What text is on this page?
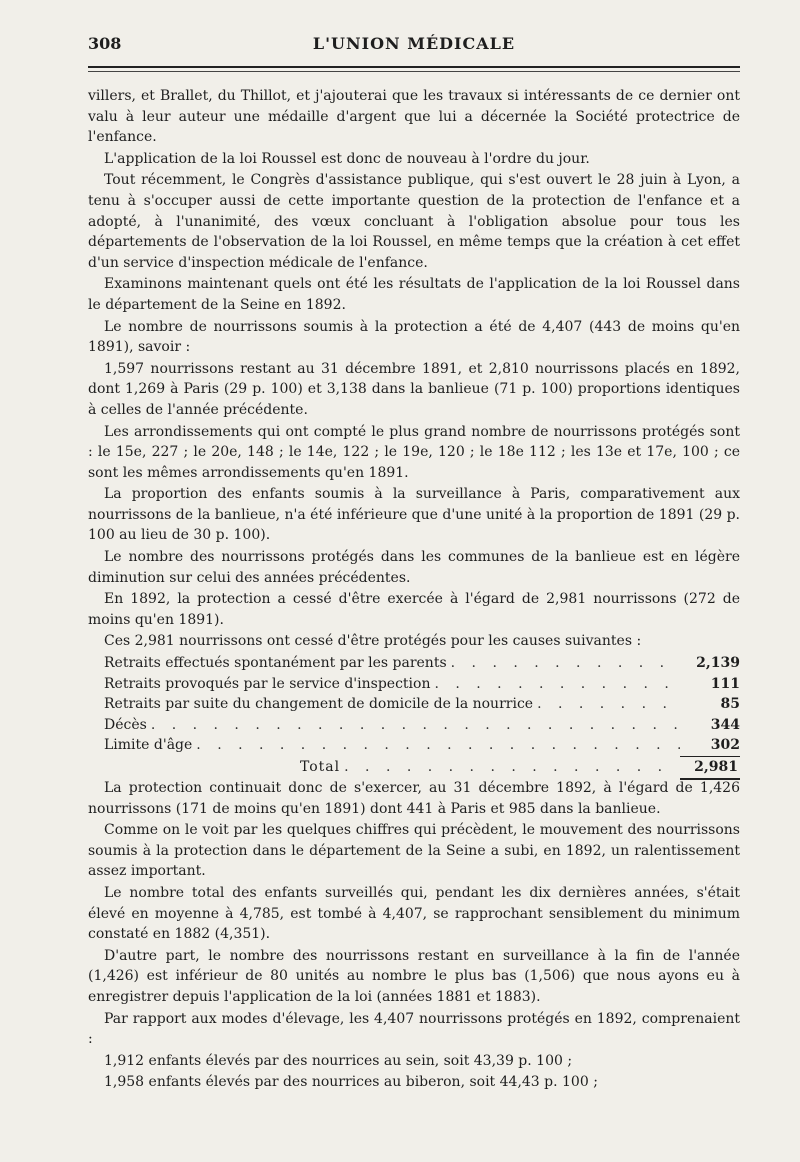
308	L'UNION MÉDICALE

villers, et Brallet, du Thillot, et j'ajouterai que les travaux si intéressants de ce dernier ont valu à leur auteur une médaille d'argent que lui a décernée la Société protectrice de l'enfance.

L'application de la loi Roussel est donc de nouveau à l'ordre du jour.

Tout récemment, le Congrès d'assistance publique, qui s'est ouvert le 28 juin à Lyon, a tenu à s'occuper aussi de cette importante question de la protection de l'enfance et a adopté, à l'unanimité, des vœux concluant à l'obligation absolue pour tous les départements de l'observation de la loi Roussel, en même temps que la création à cet effet d'un service d'inspection médicale de l'enfance.

Examinons maintenant quels ont été les résultats de l'application de la loi Roussel dans le département de la Seine en 1892.

Le nombre de nourrissons soumis à la protection a été de 4,407 (443 de moins qu'en 1891), savoir :

1,597 nourrissons restant au 31 décembre 1891, et 2,810 nourrissons placés en 1892, dont 1,269 à Paris (29 p. 100) et 3,138 dans la banlieue (71 p. 100) proportions identiques à celles de l'année précédente.

Les arrondissements qui ont compté le plus grand nombre de nourrissons protégés sont : le 15e, 227 ; le 20e, 148 ; le 14e, 122 ; le 19e, 120 ; le 18e 112 ; les 13e et 17e, 100 ; ce sont les mêmes arrondissements qu'en 1891.

La proportion des enfants soumis à la surveillance à Paris, comparativement aux nourrissons de la banlieue, n'a été inférieure que d'une unité à la proportion de 1891 (29 p. 100 au lieu de 30 p. 100).

Le nombre des nourrissons protégés dans les communes de la banlieue est en légère diminution sur celui des années précédentes.

En 1892, la protection a cessé d'être exercée à l'égard de 2,981 nourrissons (272 de moins qu'en 1891).

Ces 2,981 nourrissons ont cessé d'être protégés pour les causes suivantes :

Retraits effectués spontanément par les parents . . .	2,139
Retraits provoqués par le service d'inspection . . .	111
Retraits par suite du changement de domicile de la nourrice . . .	85
Décès . . .	344
Limite d'âge . . .	302
Total . . .	2,981

La protection continuait donc de s'exercer, au 31 décembre 1892, à l'égard de 1,426 nourrissons (171 de moins qu'en 1891) dont 441 à Paris et 985 dans la banlieue.

Comme on le voit par les quelques chiffres qui précèdent, le mouvement des nourrissons soumis à la protection dans le département de la Seine a subi, en 1892, un ralentissement assez important.

Le nombre total des enfants surveillés qui, pendant les dix dernières années, s'était élevé en moyenne à 4,785, est tombé à 4,407, se rapprochant sensiblement du minimum constaté en 1882 (4,351).

D'autre part, le nombre des nourrissons restant en surveillance à la fin de l'année (1,426) est inférieur de 80 unités au nombre le plus bas (1,506) que nous ayons eu à enregistrer depuis l'application de la loi (années 1881 et 1883).

Par rapport aux modes d'élevage, les 4,407 nourrissons protégés en 1892, comprenaient :

1,912 enfants élevés par des nourrices au sein, soit 43,39 p. 100 ;

1,958 enfants élevés par des nourrices au biberon, soit 44,43 p. 100 ;
